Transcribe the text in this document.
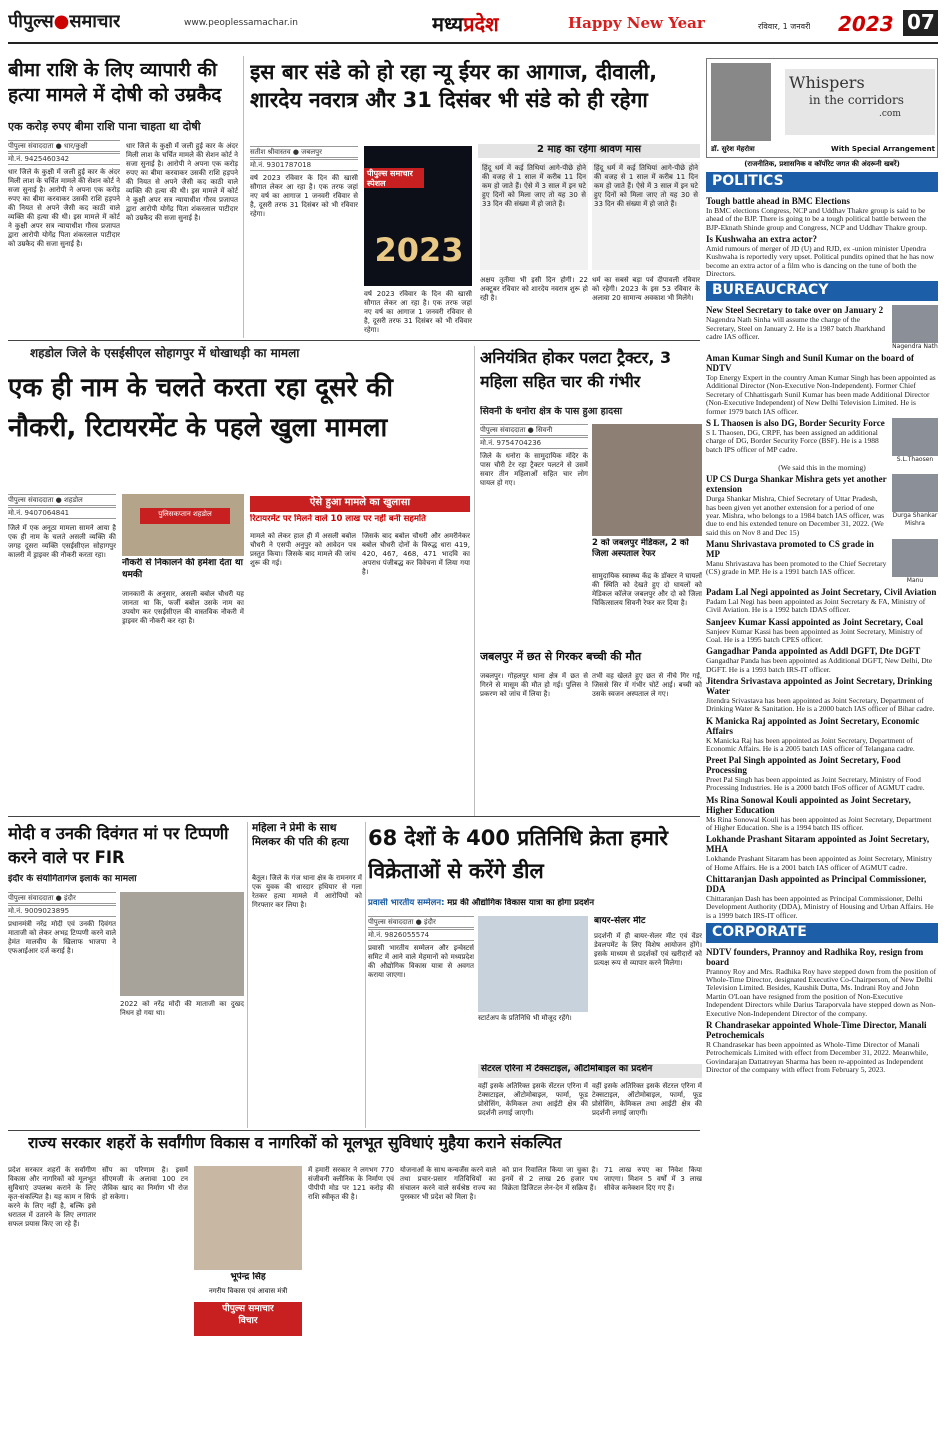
पीपुल्स●समाचार	www.peoplessamachar.in	मध्यप्रदेश	Happy New Year	रविवार, 1 जनवरी 2023 07
बीमा राशि के लिए व्यापारी की हत्या मामले में दोषी को उम्रकैद
एक करोड़ रुपए बीमा राशि पाना चाहता था दोषी
पीपुल्स संवाददाता ● धार/कुक्षी
मो.नं. 9425460342
धार जिले के कुक्षी में जली हुई कार के अंदर मिली लाश के चर्चित मामले की सेशन कोर्ट ने सजा सुनाई है। आरोपी ने अपना एक करोड़ रुपए का बीमा करवाकर उसकी राशि हड़पने की नियत से अपने जैसी कद काठी वाले व्यक्ति की हत्या की थी। इस मामले में कोर्ट ने कुक्षी अपर सत्र न्यायाधीश गौरव प्रजापत द्वारा आरोपी योगेंद्र पिता शंकरलाल पाटीदार को उम्रकैद की सजा सुनाई है।
धार जिले के कुक्षी में जली हुई कार के अंदर मिली लाश के चर्चित मामले की सेशन कोर्ट ने सजा सुनाई है। आरोपी ने अपना एक करोड़ रुपए का बीमा करवाकर उसकी राशि हड़पने की नियत से अपने जैसी कद काठी वाले व्यक्ति की हत्या की थी। इस मामले में कोर्ट ने कुक्षी अपर सत्र न्यायाधीश गौरव प्रजापत द्वारा आरोपी योगेंद्र पिता शंकरलाल पाटीदार को उम्रकैद की सजा सुनाई है।
इस बार संडे को हो रहा न्यू ईयर का आगाज, दीवाली, शारदेय नवरात्र और 31 दिसंबर भी संडे को ही रहेगा
सतीश श्रीवास्तव ● जबलपुर
मो.नं. 9301787018
वर्ष 2023 रविवार के दिन की खासी सौगात लेकर आ रहा है। एक तरफ जहां नए वर्ष का आगाज 1 जनवरी रविवार से है, दूसरी तरफ 31 दिसंबर को भी रविवार रहेगा।
पीपुल्स समाचार
स्पेशल
2023
वर्ष 2023 रविवार के दिन की खासी सौगात लेकर आ रहा है। एक तरफ जहां नए वर्ष का आगाज 1 जनवरी रविवार से है, दूसरी तरफ 31 दिसंबर को भी रविवार रहेगा।
2 माह का रहेगा श्रावण मास
हिंदू धर्म में कई तिथियां आगे-पीछे होने की वजह से 1 साल में करीब 11 दिन कम हो जाते हैं। ऐसे में 3 साल में इन घटे हुए दिनों को मिला जाए तो यह 30 से 33 दिन की संख्या में हो जाते हैं।
हिंदू धर्म में कई तिथियां आगे-पीछे होने की वजह से 1 साल में करीब 11 दिन कम हो जाते हैं। ऐसे में 3 साल में इन घटे हुए दिनों को मिला जाए तो यह 30 से 33 दिन की संख्या में हो जाते हैं।
अक्षय तृतीया भी इसी दिन होगी। 22 अक्टूबर रविवार को शारदेय नवरात्र शुरू हो रही है।
धर्म का सबसे बड़ा पर्व दीपावली रविवार को रहेगी। 2023 के इस 53 रविवार के अलावा 20 सामान्य अवकाश भी मिलेंगे।
शहडोल जिले के एसईसीएल सोहागपुर में धोखाधड़ी का मामला
एक ही नाम के चलते करता रहा दूसरे की नौकरी, रिटायरमेंट के पहले खुला मामला
पीपुल्स संवाददाता ● शहडोल
मो.नं. 9407064841
जिले में एक अनूठा मामला सामने आया है एक ही नाम के चलते असली व्यक्ति की जगह दूसरा व्यक्ति एसईसीएल सोहागपुर कालरी में ड्राइवर की नौकरी करता रहा।
पुलिसकप्तान शहडोल
नौकरी से निकालने की हमेशा देता था धमकी
जानकारी के अनुसार, असली बबोल चौधरी यह जानता था कि, फर्जी बबोल उसके नाम का उपयोग कर एसईसीएल की वास्तविक नौकरी में ड्राइवर की नौकरी कर रहा है।
ऐसे हुआ मामले का खुलासा
रिटायरमेंट पर मिलने वाले 10 लाख पर नहीं बनी सहमति
मामले को लेकर हाल ही में असली बबोल चौधरी ने एसपी अनुपुर को आवेदन पत्र प्रस्तुत किया। जिसके बाद मामले की जांच शुरू की गई।
जिसके बाद बबोल चौधरी और अमरीनेकर बबोल चौधरी दोनों के विरुद्ध धारा 419, 420, 467, 468, 471 भादवि का अपराध पंजीबद्ध कर विवेचना में लिया गया है।
अनियंत्रित होकर पलटा ट्रैक्टर, 3 महिला सहित चार की गंभीर
सिवनी के धनोरा क्षेत्र के पास हुआ हादसा
पीपुल्स संवाददाता ● सिवनी
मो.नं. 9754704236
जिले के धनोरा के सामुदायिक मंदिर के पास चौरी टेर रहा ट्रैक्टर पलटने से उसमें सवार तीन महिलाओं सहित चार लोग घायल हो गए।
2 को जबलपुर मेडिकल, 2 को जिला अस्पताल रेफर
सामुदायिक स्वास्थ्य केंद्र के डॉक्टर ने घायलों की स्थिति को देखते हुए दो घायलों को मेडिकल कॉलेज जबलपुर और दो को जिला चिकित्सालय सिवनी रेफर कर दिया है।
जबलपुर में छत से गिरकर बच्ची की मौत
जबलपुर। गोहलपुर थाना क्षेत्र में छत से गिरने से मासूम की मौत हो गई। पुलिस ने प्रकरण को जांच में लिया है।
तभी वह खेलते हुए छत से नीचे गिर गई, जिससे सिर में गंभीर चोटें आई। बच्ची को उसके स्वजन अस्पताल ले गए।
मोदी व उनकी दिवंगत मां पर टिप्पणी करने वाले पर FIR
इंदौर के संयोगितागंज इलाके का मामला
पीपुल्स संवाददाता ● इंदौर
मो.नं. 9009023895
प्रधानमंत्री नरेंद्र मोदी एवं उनकी दिवंगत माताजी को लेकर अभद्र टिप्पणी करने वाले हेमंत मालवीय के खिलाफ भाजपा ने एफआईआर दर्ज कराई है।
2022 को नरेंद्र मोदी की माताजी का दुखद निधन हो गया था।
महिला ने प्रेमी के साथ मिलकर की पति की हत्या
बैतूल। जिले के गंज थाना क्षेत्र के रामनगर में एक युवक की धारदार हथियार से गला रेतकर हत्या मामले में आरोपियों को गिरफ्तार कर लिया है।
68 देशों के 400 प्रतिनिधि क्रेता हमारे विक्रेताओं से करेंगे डील
प्रवासी भारतीय सम्मेलन: मप्र की औद्योगिक विकास यात्रा का होगा प्रदर्शन
पीपुल्स संवाददाता ● इंदौर
मो.नं. 9826055574
प्रवासी भारतीय सम्मेलन और इन्वेस्टर्स समिट में आने वाले मेहमानों को मध्यप्रदेश की औद्योगिक विकास यात्रा से अवगत कराया जाएगा।
स्टार्टअप के प्रतिनिधि भी मौजूद रहेंगे।
बायर-सेलर मीट
प्रदर्शनी में ही बायर-सेलर मीट एवं वेंडर डेवलपमेंट के लिए विशेष आयोजन होंगे। इसके माध्यम से प्रदर्शकों एवं खरीदारों को प्रत्यक्ष रूप से व्यापार करने मिलेगा।
सेंटरल एरिना में टेक्सटाइल, ऑटोमोबाइल का प्रदर्शन
वहीं इसके अतिरिक्त इसके सेंटरल एरिना में टेक्सटाइल, ऑटोमोबाइल, फार्मा, फूड प्रोसेसिंग, केमिकल तथा आईटी क्षेत्र की प्रदर्शनी लगाई जाएगी।
वहीं इसके अतिरिक्त इसके सेंटरल एरिना में टेक्सटाइल, ऑटोमोबाइल, फार्मा, फूड प्रोसेसिंग, केमिकल तथा आईटी क्षेत्र की प्रदर्शनी लगाई जाएगी।
राज्य सरकार शहरों के सर्वांगीण विकास व नागरिकों को मूलभूत सुविधाएं मुहैया कराने संकल्पित
प्रदेश सरकार शहरों के सर्वांगीण विकास और नागरिकों को मूलभूत सुविधाएं उपलब्ध कराने के लिए कृत-संकल्पित है। यह काम न सिर्फ करने के लिए नहीं है, बल्कि इसे धरातल में उतारने के लिए लगातार सफल प्रयास किए जा रहे हैं।
सौंप का परिणाम है। इसमें सीएमजी के अलावा 100 टन जैविक खाद का निर्माण भी रोज हो सकेगा।
भूपेन्द्र सिंह
नगरीय विकास एवं आवास मंत्री
पीपुल्स समाचार
विचार
में हमारी सरकार ने लगभग 770 संजीवनी क्लीनिक के निर्माण एवं पीपीपी मोड पर 121 करोड़ की राशि स्वीकृत की है।
योजनाओं के साथ कन्वर्जेंस करने वाले तथा प्रचार-प्रसार गतिविधियों का संचालन करने वाले सर्वश्रेष्ठ राज्य का पुरस्कार भी प्रदेश को मिला है।
को प्रान रिवालित किया जा चुका है। इनमें से 2 लाख 26 हजार पथ विक्रेता डिजिटल लेन-देन में सक्रिय हैं।
71 लाख रुपए का निवेश किया जाएगा। मिशन 5 वर्षों में 3 लाख सीवेज कनेक्शन दिए गए हैं।
Whispers
in the corridors
.com
डॉ. सुरेश मेहरोत्रा	With Special Arrangement
(राजनीतिक, प्रशासनिक व कॉर्पोरेट जगत की अंदरूनी खबरें)
POLITICS
Tough battle ahead in BMC Elections
In BMC elections Congress, NCP and Uddhav Thakre group is said to be ahead of the BJP. There is going to be a tough political battle between the BJP-Eknath Shinde group and Congress, NCP and Uddhav Thakre group.
Is Kushwaha an extra actor?
Amid rumours of merger of JD (U) and RJD, ex -union minister Upendra Kushwaha is reportedly very upset. Political pundits opined that he has now become an extra actor of a film who is dancing on the tune of both the Directors.
BUREAUCRACY
Nagendra Nath
New Steel Secretary to take over on January 2
Nagendra Nath Sinha will assume the charge of the Secretary, Steel on January 2. He is a 1987 batch Jharkhand cadre IAS officer.
Aman Kumar Singh and Sunil Kumar on the board of NDTV
Top Energy Expert in the country Aman Kumar Singh has been appointed as Additional Director (Non-Executive Non-Independent). Former Chief Secretary of Chhattisgarh Sunil Kumar has been made Additional Director (Non-Executive Independent) of New Delhi Television Limited. He is former 1979 batch IAS officer.
S.L.Thaosen
S L Thaosen is also DG, Border Security Force
S L Thaosen, DG, CRPF, has been assigned an additional charge of DG, Border Security Force (BSF). He is a 1988 batch IPS officer of MP cadre.
(We said this in the morning)
Durga Shankar Mishra
UP CS Durga Shankar Mishra gets yet another extension
Durga Shankar Mishra, Chief Secretary of Uttar Pradesh, has been given yet another extension for a period of one year. Mishra, who belongs to a 1984 batch IAS officer, was due to end his extended tenure on December 31, 2022. (We said this on Nov 8 and Dec 15)
Manu
Manu Shrivastava promoted to CS grade in MP
Manu Shrivastava has been promoted to the Chief Secretary (CS) grade in MP. He is a 1991 batch IAS officer.
Padam Lal Negi appointed as Joint Secretary, Civil Aviation
Padam Lal Negi has been appointed as Joint Secretary & FA, Ministry of Civil Aviation. He is a 1992 batch IDAS officer.
Sanjeev Kumar Kassi appointed as Joint Secretary, Coal
Sanjeev Kumar Kassi has been appointed as Joint Secretary, Ministry of Coal. He is a 1995 batch CPES officer.
Gangadhar Panda appointed as Addl DGFT, Dte DGFT
Gangadhar Panda has been appointed as Additional DGFT, New Delhi, Dte DGFT. He is a 1993 batch IRS-IT officer.
Jitendra Srivastava appointed as Joint Secretary, Drinking Water
Jitendra Srivastava has been appointed as Joint Secretary, Department of Drinking Water & Sanitation. He is a 2000 batch IAS officer of Bihar cadre.
K Manicka Raj appointed as Joint Secretary, Economic Affairs
K Manicka Raj has been appointed as Joint Secretary, Department of Economic Affairs. He is a 2005 batch IAS officer of Telangana cadre.
Preet Pal Singh appointed as Joint Secretary, Food Processing
Preet Pal Singh has been appointed as Joint Secretary, Ministry of Food Processing Industries. He is a 2000 batch IFoS officer of AGMUT cadre.
Ms Rina Sonowal Kouli appointed as Joint Secretary, Higher Education
Ms Rina Sonowal Kouli has been appointed as Joint Secretary, Department of Higher Education. She is a 1994 batch IIS officer.
Lokhande Prashant Sitaram appointed as Joint Secretary, MHA
Lokhande Prashant Sitaram has been appointed as Joint Secretary, Ministry of Home Affairs. He is a 2001 batch IAS officer of AGMUT cadre.
Chittaranjan Dash appointed as Principal Commissioner, DDA
Chittaranjan Dash has been appointed as Principal Commissioner, Delhi Development Authority (DDA), Ministry of Housing and Urban Affairs. He is a 1999 batch IRS-IT officer.
CORPORATE
NDTV founders, Prannoy and Radhika Roy, resign from board
Prannoy Roy and Mrs. Radhika Roy have stepped down from the position of Whole-Time Director, designated Executive Co-Chairperson, of New Delhi Television Limited. Besides, Kaushik Dutta, Ms. Indrani Roy and John Martin O'Loan have resigned from the position of Non-Executive Independent Directors while Darius Taraporvala have stepped down as Non-Executive Non-Independent Director of the company.
R Chandrasekar appointed Whole-Time Director, Manali Petrochemicals
R Chandrasekar has been appointed as Whole-Time Director of Manali Petrochemicals Limited with effect from December 31, 2022. Meanwhile, Govindarajan Dattatreyan Sharma has been re-appointed as Independent Director of the company with effect from February 5, 2023.
